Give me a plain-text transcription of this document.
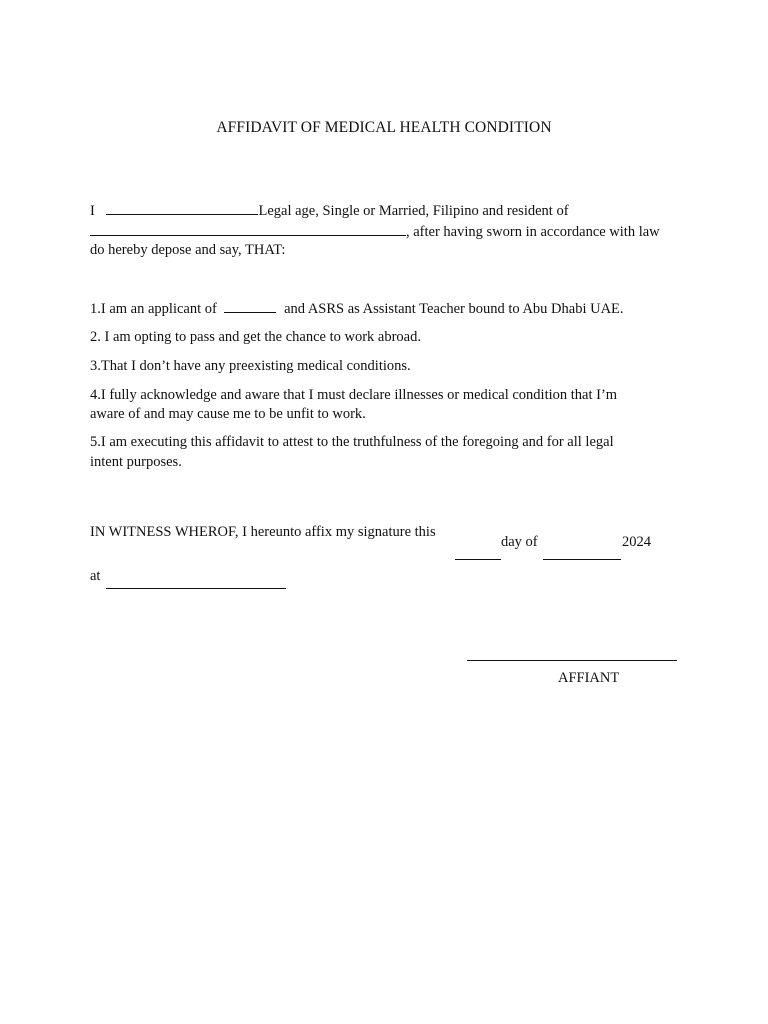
AFFIDAVIT OF MEDICAL HEALTH CONDITION
I	Legal age, Single or Married, Filipino and resident of
, after having sworn in accordance with law
do hereby depose and say, THAT:
1.I am an applicant of	and ASRS as Assistant Teacher bound to Abu Dhabi UAE.
2. I am opting to pass and get the chance to work abroad.
3.That I don’t have any preexisting medical conditions.
4.I fully acknowledge and aware that I must declare illnesses or medical condition that I’m
aware of and may cause me to be unfit to work.
5.I am executing this affidavit to attest to the truthfulness of the foregoing and for all legal
intent purposes.
IN WITNESS WHEROF, I hereunto affix my signature this
day of	2024
at
AFFIANT
